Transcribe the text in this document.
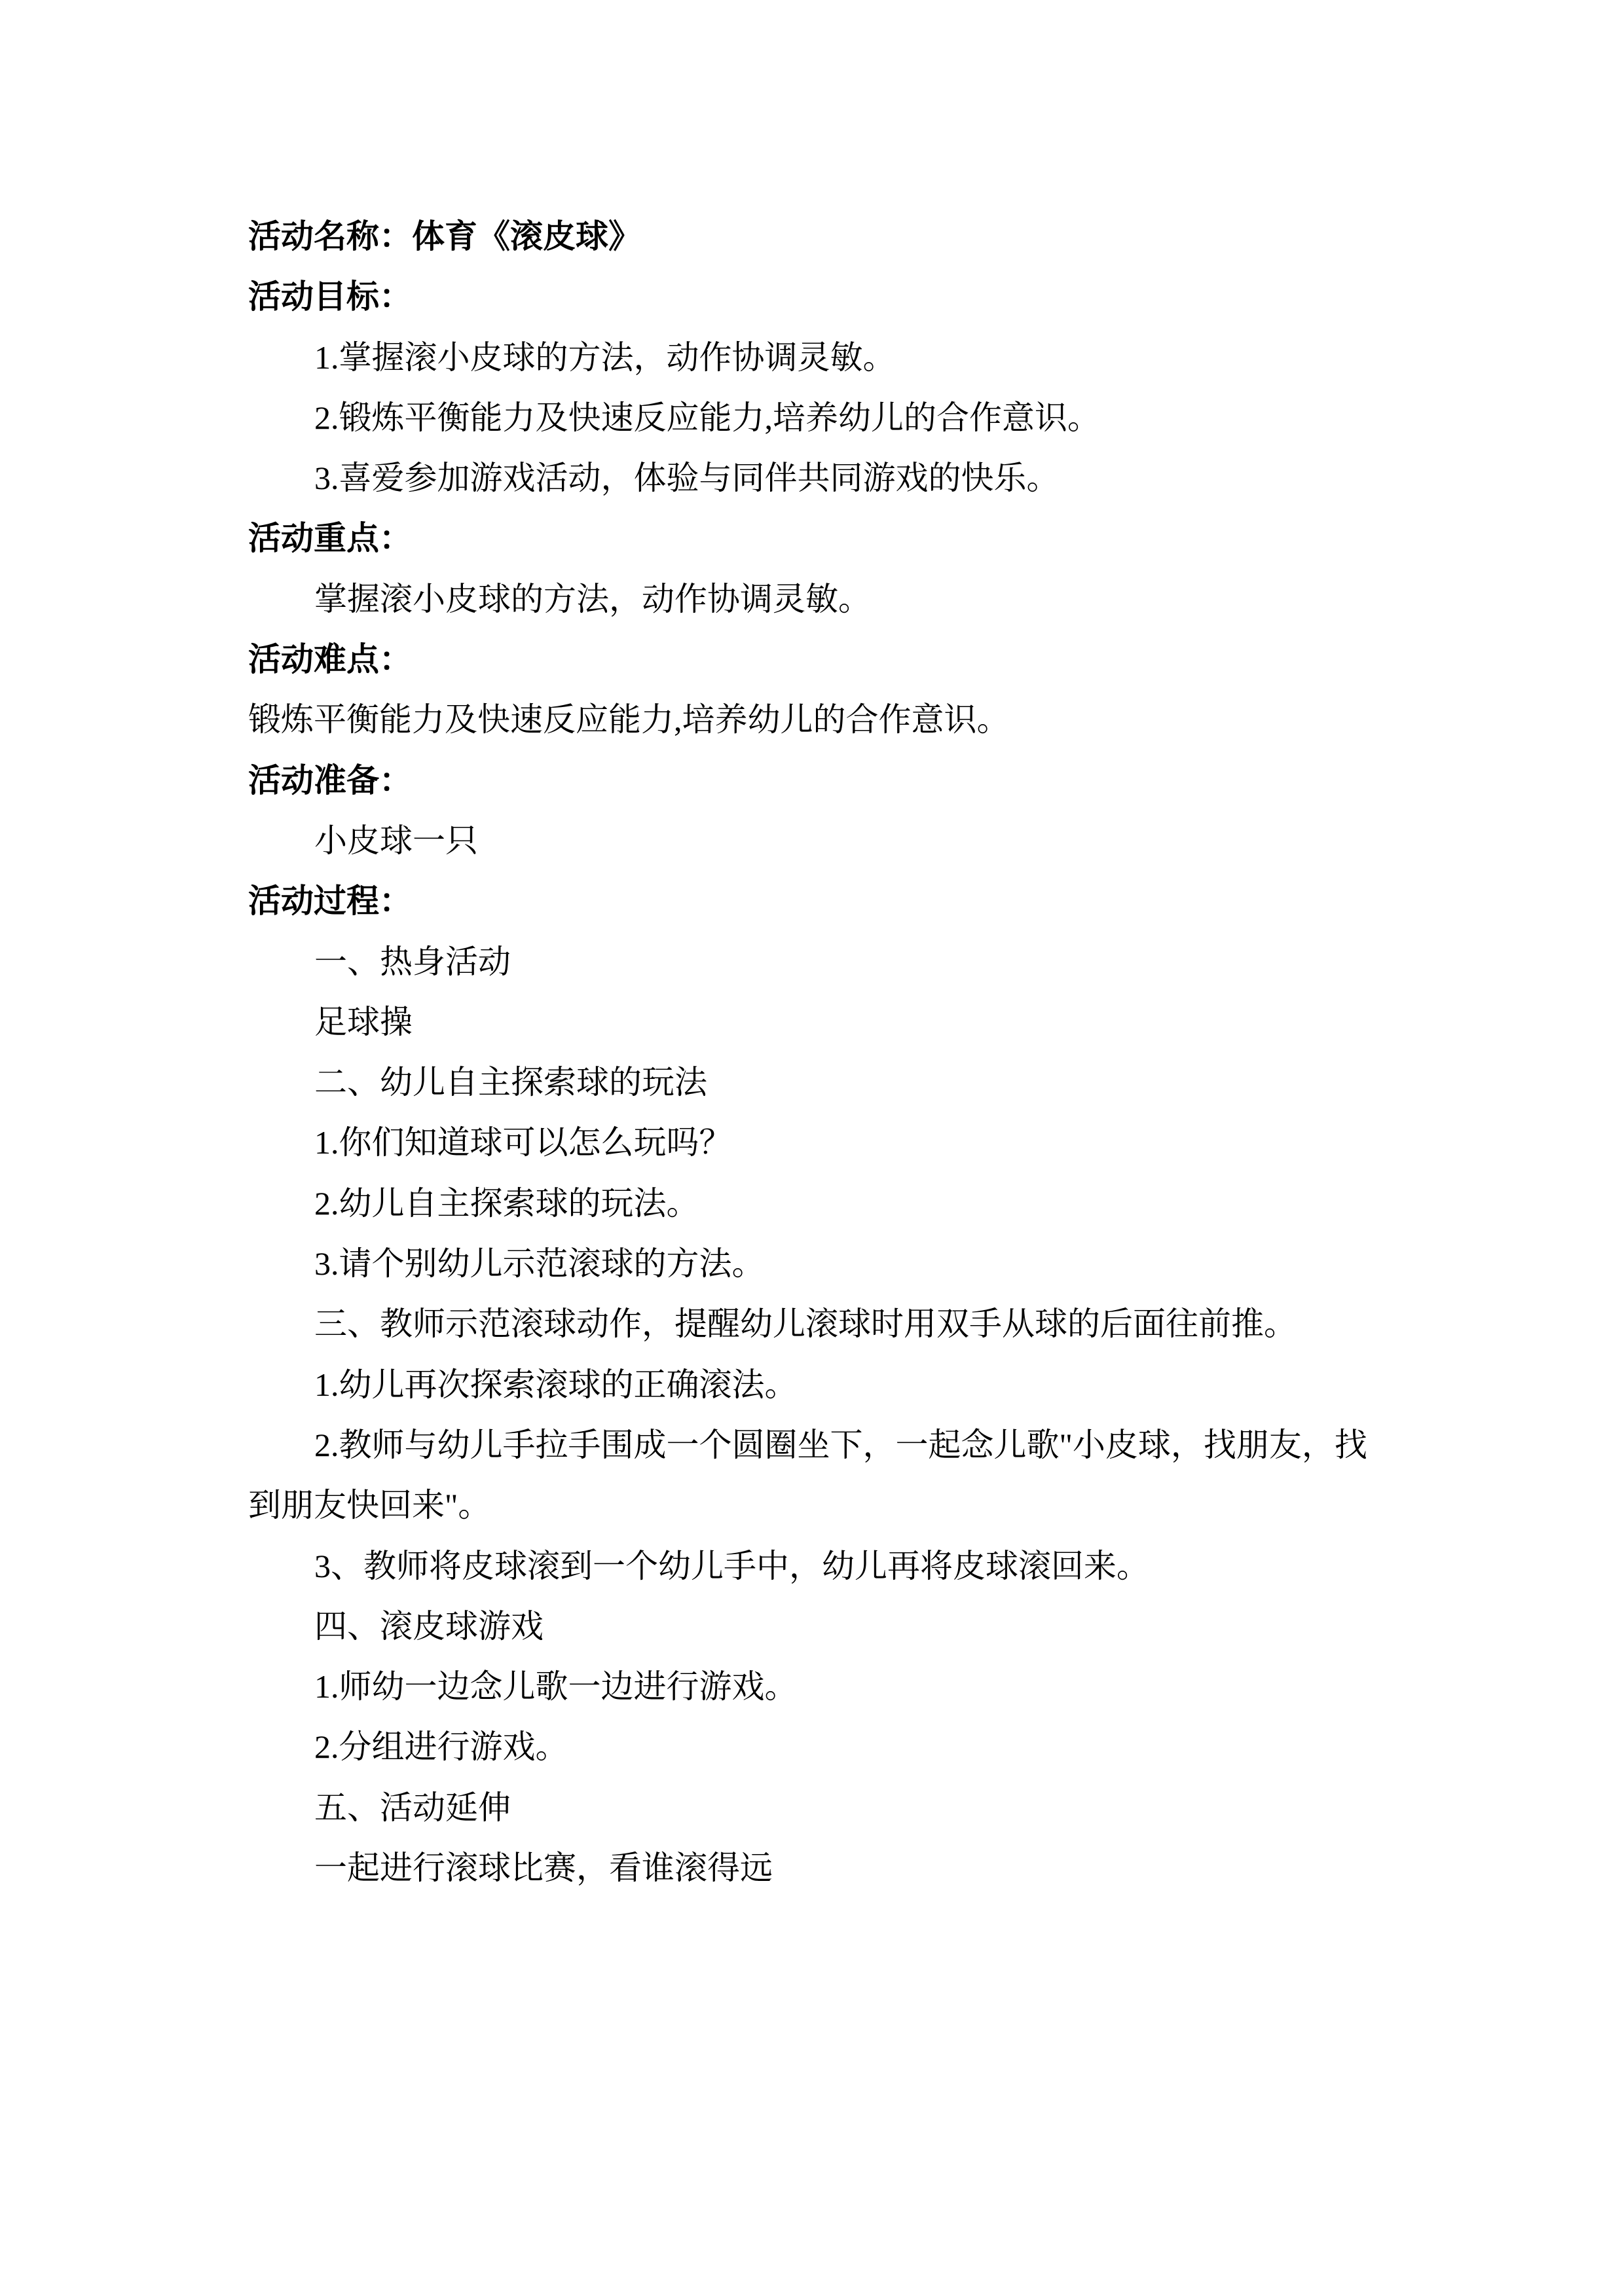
活动名称：体育《滚皮球》

活动目标：

1.掌握滚小皮球的方法，动作协调灵敏。

2.锻炼平衡能力及快速反应能力,培养幼儿的合作意识。

3.喜爱参加游戏活动，体验与同伴共同游戏的快乐。

活动重点：

掌握滚小皮球的方法，动作协调灵敏。

活动难点：

锻炼平衡能力及快速反应能力,培养幼儿的合作意识。

活动准备：

小皮球一只

活动过程：

一、热身活动

足球操

二、幼儿自主探索球的玩法

1.你们知道球可以怎么玩吗？

2.幼儿自主探索球的玩法。

3.请个别幼儿示范滚球的方法。

三、教师示范滚球动作，提醒幼儿滚球时用双手从球的后面往前推。

1.幼儿再次探索滚球的正确滚法。

2.教师与幼儿手拉手围成一个圆圈坐下，一起念儿歌"小皮球，找朋友，找到朋友快回来"。

3、教师将皮球滚到一个幼儿手中，幼儿再将皮球滚回来。

四、滚皮球游戏

1.师幼一边念儿歌一边进行游戏。

2.分组进行游戏。

五、活动延伸

一起进行滚球比赛，看谁滚得远
